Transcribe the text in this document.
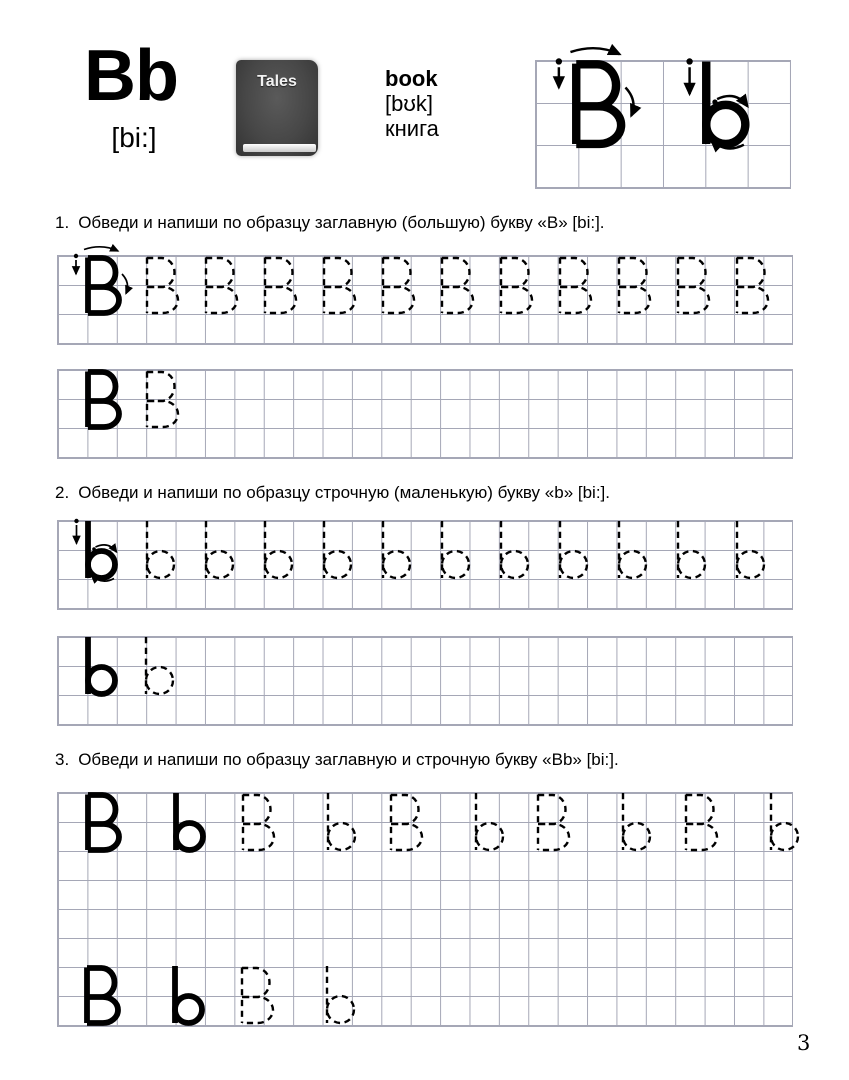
Bb
[bi:]
Tales	book
[bʊk]
книга
1. Обведи и напиши по образцу заглавную (большую) букву «B» [bi:].
2. Обведи и напиши по образцу строчную (маленькую) букву «b» [bi:].
3. Обведи и напиши по образцу заглавную и строчную букву «Bb» [bi:].
3
